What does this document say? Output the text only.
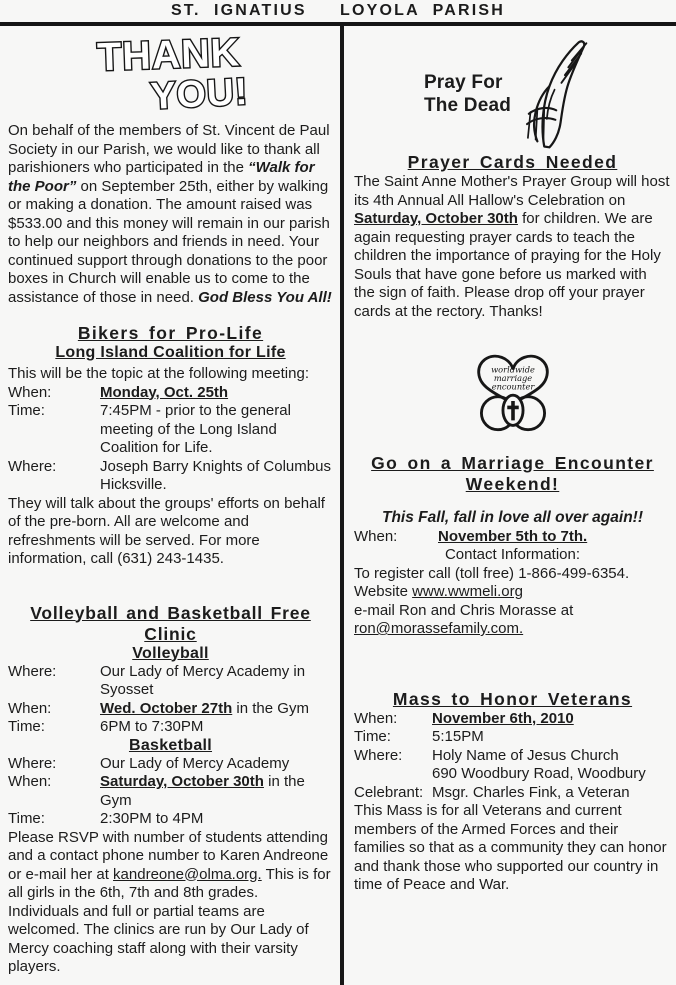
ST.  IGNATIUS     LOYOLA  PARISH
THANK
YOU!

On behalf of the members of St. Vincent de Paul Society in our Parish, we would like to thank all parishioners who participated in the “Walk for the Poor” on September 25th, either by walking or making a donation. The amount raised was $533.00 and this money will remain in our parish to help our neighbors and friends in need. Your continued support through donations to the poor boxes in Church will enable us to come to the assistance of those in need. God Bless You All!

Bikers for Pro-Life
Long Island Coalition for Life

This will be the topic at the following meeting:

When:	Monday, Oct. 25th
Time:	7:45PM - prior to the general meeting of the Long Island Coalition for Life.
Where:	Joseph Barry Knights of Columbus Hicksville.

They will talk about the groups' efforts on behalf of the pre-born. All are welcome and refreshments will be served. For more information, call (631) 243-1435.

Volleyball and Basketball Free Clinic
Volleyball
Where:	Our Lady of Mercy Academy in Syosset
When:	Wed. October 27th in the Gym
Time:	6PM to 7:30PM
Basketball
Where:	Our Lady of Mercy Academy
When:	Saturday, October 30th in the Gym
Time:	2:30PM to 4PM

Please RSVP with number of students attending and a contact phone number to Karen Andreone or e-mail her at kandreone@olma.org. This is for all girls in the 6th, 7th and 8th grades. Individuals and full or partial teams are welcomed. The clinics are run by Our Lady of Mercy coaching staff along with their varsity players.

Pray For
The Dead
Prayer Cards Needed

The Saint Anne Mother's Prayer Group will host its 4th Annual All Hallow's Celebration on Saturday, October 30th for children. We are again requesting prayer cards to teach the children the importance of praying for the Holy Souls that have gone before us marked with the sign of faith. Please drop off your prayer cards at the rectory. Thanks!

worldwide
marriage
encounter
Go on a Marriage Encounter
Weekend!

This Fall, fall in love all over again!!

When:	November 5th to 7th.

Contact Information:

To register call (toll free) 1-866-499-6354.

Website www.wwmeli.org

e-mail Ron and Chris Morasse at

ron@morassefamily.com.

Mass to Honor Veterans
When:	November 6th, 2010
Time:	5:15PM
Where:	Holy Name of Jesus Church
690 Woodbury Road, Woodbury
Celebrant: Msgr. Charles Fink, a Veteran

This Mass is for all Veterans and current members of the Armed Forces and their families so that as a community they can honor and thank those who supported our country in time of Peace and War.
